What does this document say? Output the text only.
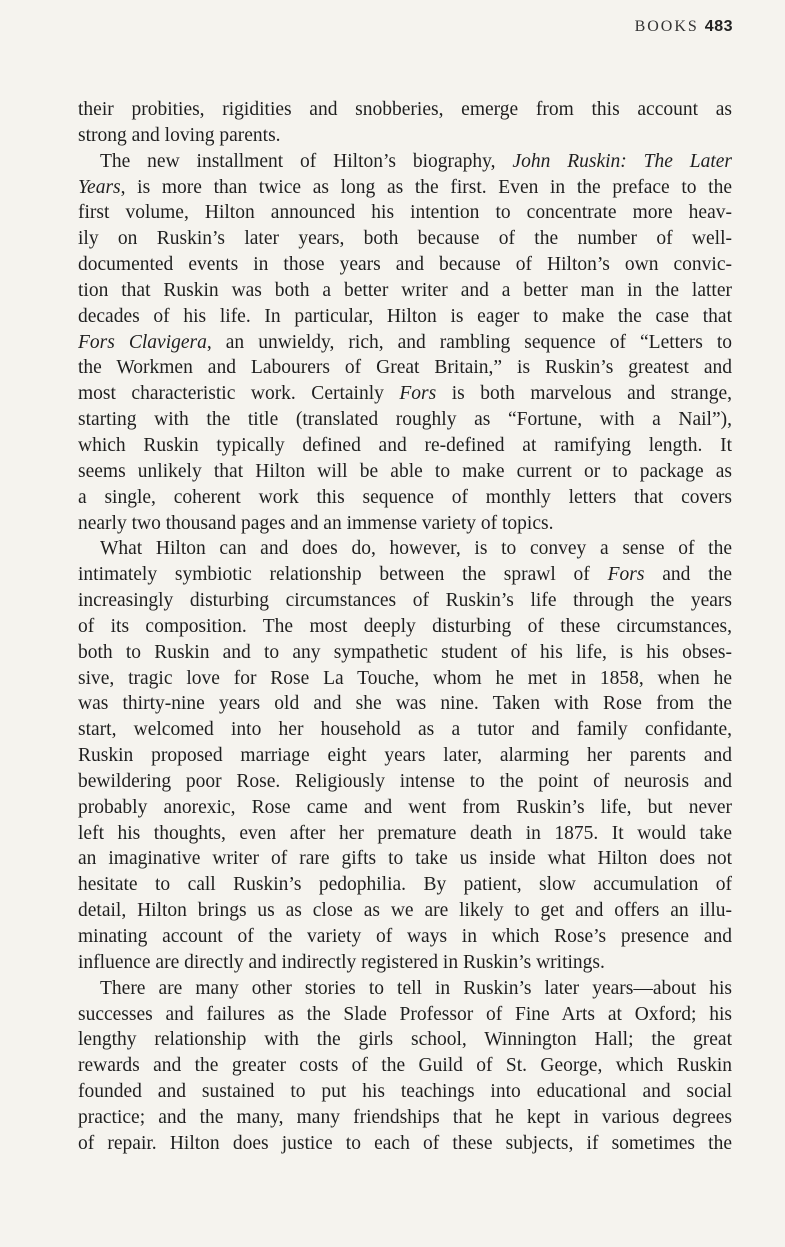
BOOKS 483
their probities, rigidities and snobberies, emerge from this account as
strong and loving parents.
The new installment of Hilton’s biography, John Ruskin: The Later
Years, is more than twice as long as the first. Even in the preface to the
first volume, Hilton announced his intention to concentrate more heav-
ily on Ruskin’s later years, both because of the number of well-
documented events in those years and because of Hilton’s own convic-
tion that Ruskin was both a better writer and a better man in the latter
decades of his life. In particular, Hilton is eager to make the case that
Fors Clavigera, an unwieldy, rich, and rambling sequence of “Letters to
the Workmen and Labourers of Great Britain,” is Ruskin’s greatest and
most characteristic work. Certainly Fors is both marvelous and strange,
starting with the title (translated roughly as “Fortune, with a Nail”),
which Ruskin typically defined and re-defined at ramifying length. It
seems unlikely that Hilton will be able to make current or to package as
a single, coherent work this sequence of monthly letters that covers
nearly two thousand pages and an immense variety of topics.
What Hilton can and does do, however, is to convey a sense of the
intimately symbiotic relationship between the sprawl of Fors and the
increasingly disturbing circumstances of Ruskin’s life through the years
of its composition. The most deeply disturbing of these circumstances,
both to Ruskin and to any sympathetic student of his life, is his obses-
sive, tragic love for Rose La Touche, whom he met in 1858, when he
was thirty-nine years old and she was nine. Taken with Rose from the
start, welcomed into her household as a tutor and family confidante,
Ruskin proposed marriage eight years later, alarming her parents and
bewildering poor Rose. Religiously intense to the point of neurosis and
probably anorexic, Rose came and went from Ruskin’s life, but never
left his thoughts, even after her premature death in 1875. It would take
an imaginative writer of rare gifts to take us inside what Hilton does not
hesitate to call Ruskin’s pedophilia. By patient, slow accumulation of
detail, Hilton brings us as close as we are likely to get and offers an illu-
minating account of the variety of ways in which Rose’s presence and
influence are directly and indirectly registered in Ruskin’s writings.
There are many other stories to tell in Ruskin’s later years—about his
successes and failures as the Slade Professor of Fine Arts at Oxford; his
lengthy relationship with the girls school, Winnington Hall; the great
rewards and the greater costs of the Guild of St. George, which Ruskin
founded and sustained to put his teachings into educational and social
practice; and the many, many friendships that he kept in various degrees
of repair. Hilton does justice to each of these subjects, if sometimes the
